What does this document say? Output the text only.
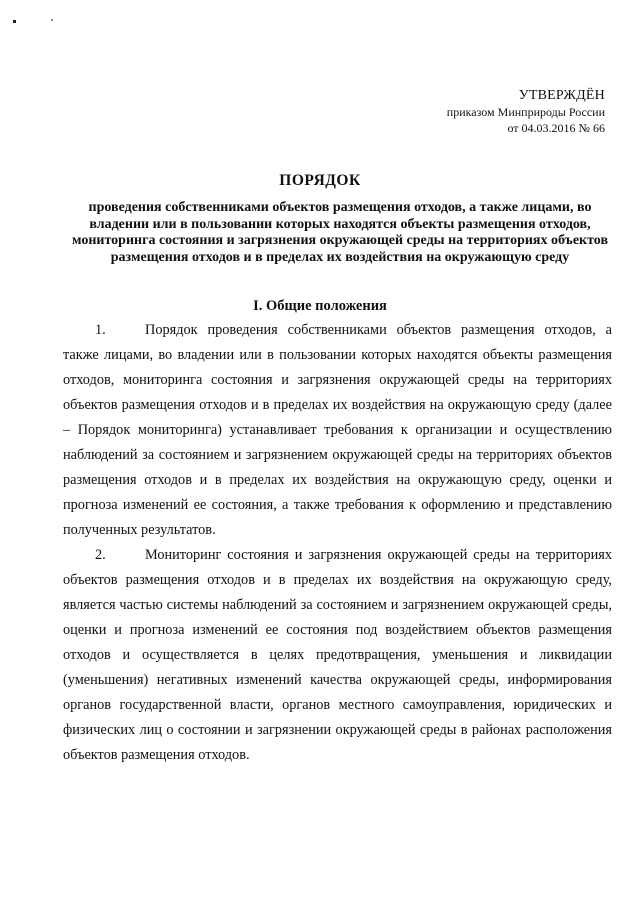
УТВЕРЖДЁН
приказом Минприроды России
от 04.03.2016 № 66
ПОРЯДОК
проведения собственниками объектов размещения отходов, а также лицами, во владении или в пользовании которых находятся объекты размещения отходов, мониторинга состояния и загрязнения окружающей среды на территориях объектов размещения отходов и в пределах их воздействия на окружающую среду
I. Общие положения

1.	Порядок проведения собственниками объектов размещения отходов, а также лицами, во владении или в пользовании которых находятся объекты размещения отходов, мониторинга состояния и загрязнения окружающей среды на территориях объектов размещения отходов и в пределах их воздействия на окружающую среду (далее – Порядок мониторинга) устанавливает требования к организации и осуществлению наблюдений за состоянием и загрязнением окружающей среды на территориях объектов размещения отходов и в пределах их воздействия на окружающую среду, оценки и прогноза изменений ее состояния, а также требования к оформлению и представлению полученных результатов.

2.	Мониторинг состояния и загрязнения окружающей среды на территориях объектов размещения отходов и в пределах их воздействия на окружающую среду, является частью системы наблюдений за состоянием и загрязнением окружающей среды, оценки и прогноза изменений ее состояния под воздействием объектов размещения отходов и осуществляется в целях предотвращения, уменьшения и ликвидации (уменьшения) негативных изменений качества окружающей среды, информирования органов государственной власти, органов местного самоуправления, юридических и физических лиц о состоянии и загрязнении окружающей среды в районах расположения объектов размещения отходов.
